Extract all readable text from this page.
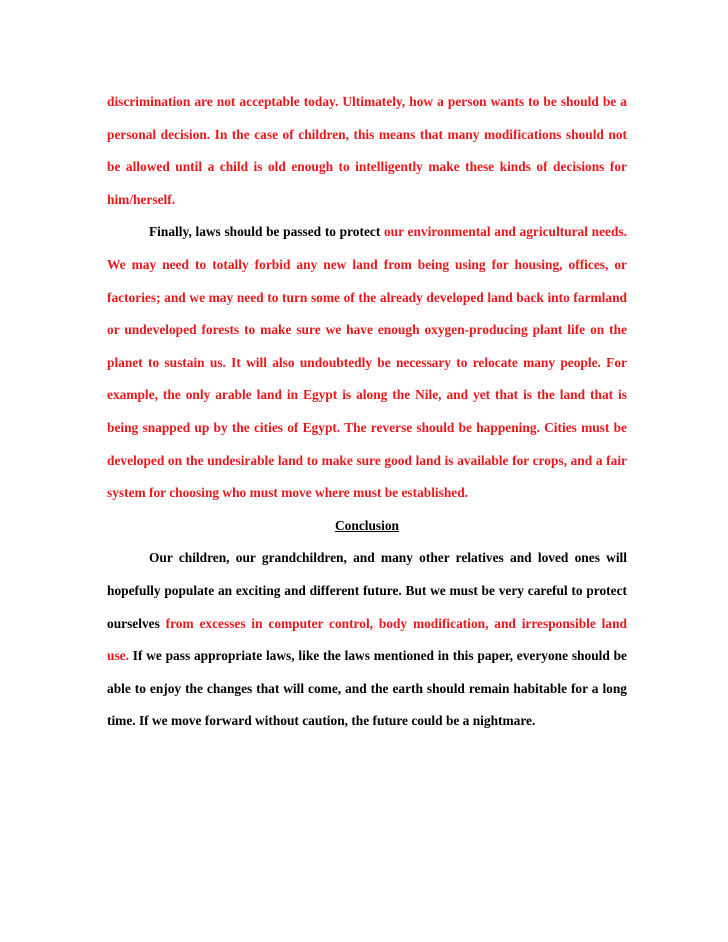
discrimination are not acceptable today. Ultimately, how a person wants to be should be a personal decision. In the case of children, this means that many modifications should not be allowed until a child is old enough to intelligently make these kinds of decisions for him/herself.

Finally, laws should be passed to protect our environmental and agricultural needs. We may need to totally forbid any new land from being using for housing, offices, or factories; and we may need to turn some of the already developed land back into farmland or undeveloped forests to make sure we have enough oxygen-producing plant life on the planet to sustain us. It will also undoubtedly be necessary to relocate many people. For example, the only arable land in Egypt is along the Nile, and yet that is the land that is being snapped up by the cities of Egypt. The reverse should be happening. Cities must be developed on the undesirable land to make sure good land is available for crops, and a fair system for choosing who must move where must be established.

Conclusion

Our children, our grandchildren, and many other relatives and loved ones will hopefully populate an exciting and different future. But we must be very careful to protect ourselves from excesses in computer control, body modification, and irresponsible land use. If we pass appropriate laws, like the laws mentioned in this paper, everyone should be able to enjoy the changes that will come, and the earth should remain habitable for a long time. If we move forward without caution, the future could be a nightmare.
